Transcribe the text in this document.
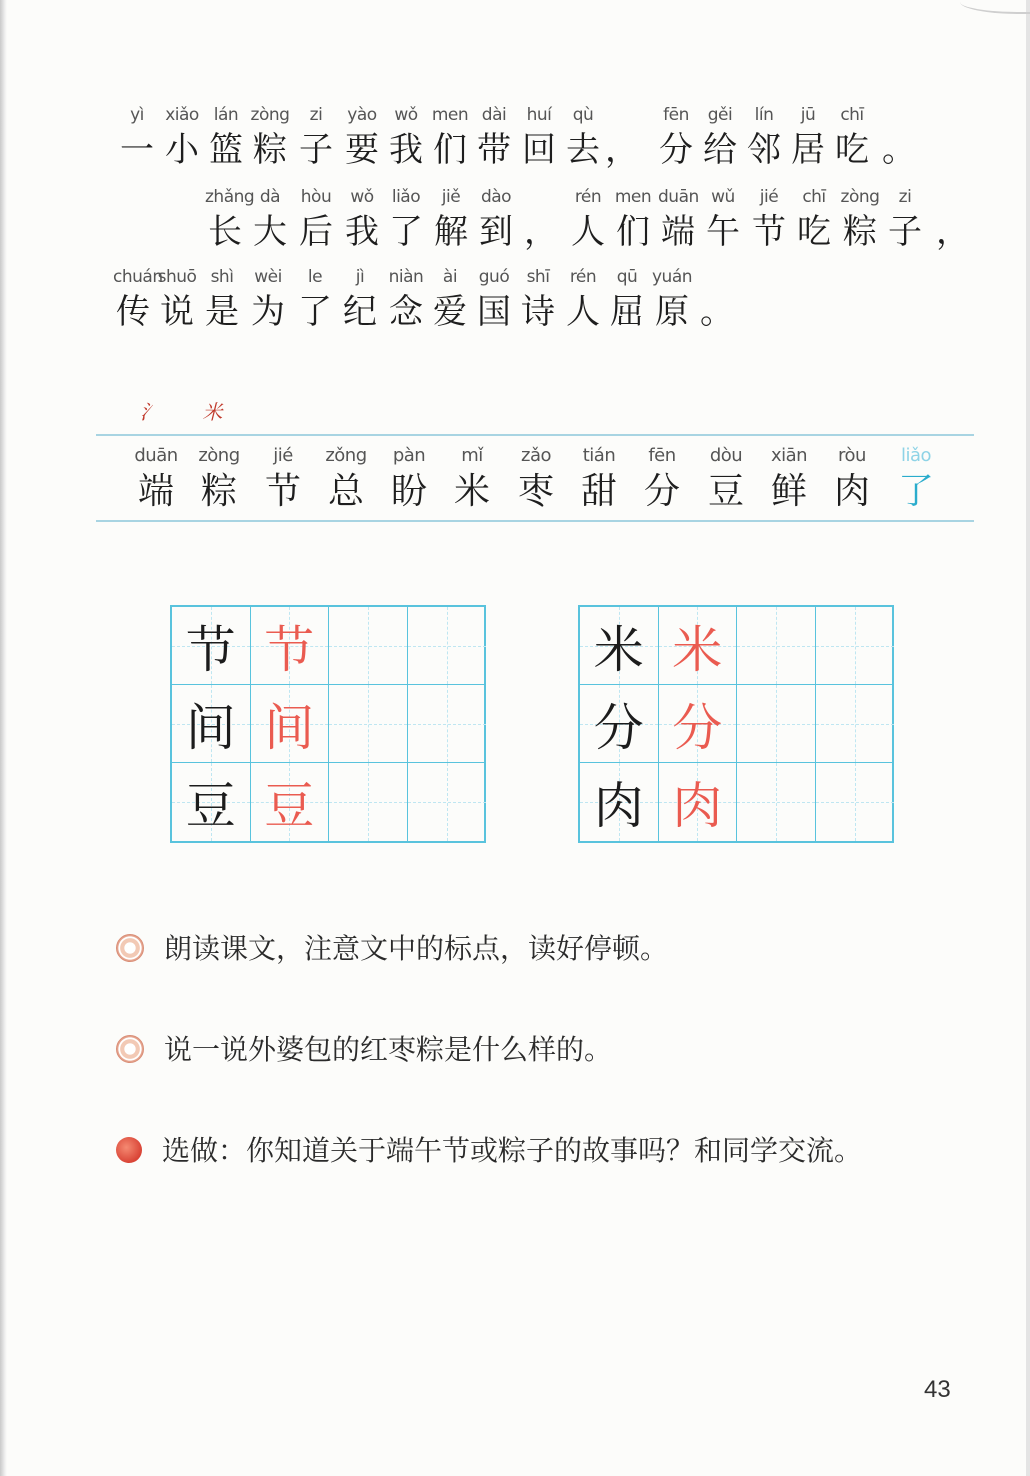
yì
一
xiǎo
小
lán
篮
zòng
粽
zi
子
yào
要
wǒ
我
men
们
dài
带
huí
回
qù
去 ，
fēn
分
gěi
给
lín
邻
jū
居
chī
吃 。
zhǎng
长
dà
大
hòu
后
wǒ
我
liǎo
了
jiě
解
dào
到 ，
rén
人
men
们
duān
端
wǔ
午
jié
节
chī
吃
zòng
粽
zi
子 ，
chuán
传
shuō
说
shì
是
wèi
为
le
了
jì
纪
niàn
念
ài
爱
guó
国
shī
诗
rén
人
qū
屈
yuán
原 。
氵 米
duān
端
zòng
粽
jié
节
zǒng
总
pàn
盼
mǐ
米
zǎo
枣
tián
甜
fēn
分
dòu
豆
xiān
鲜
ròu
肉
liǎo
了
节 节
间 间
豆 豆
米 米
分 分
肉 肉
朗读课文，注意文中的标点，读好停顿。
说一说外婆包的红枣粽是什么样的。
选做：你知道关于端午节或粽子的故事吗？和同学交流。
43
